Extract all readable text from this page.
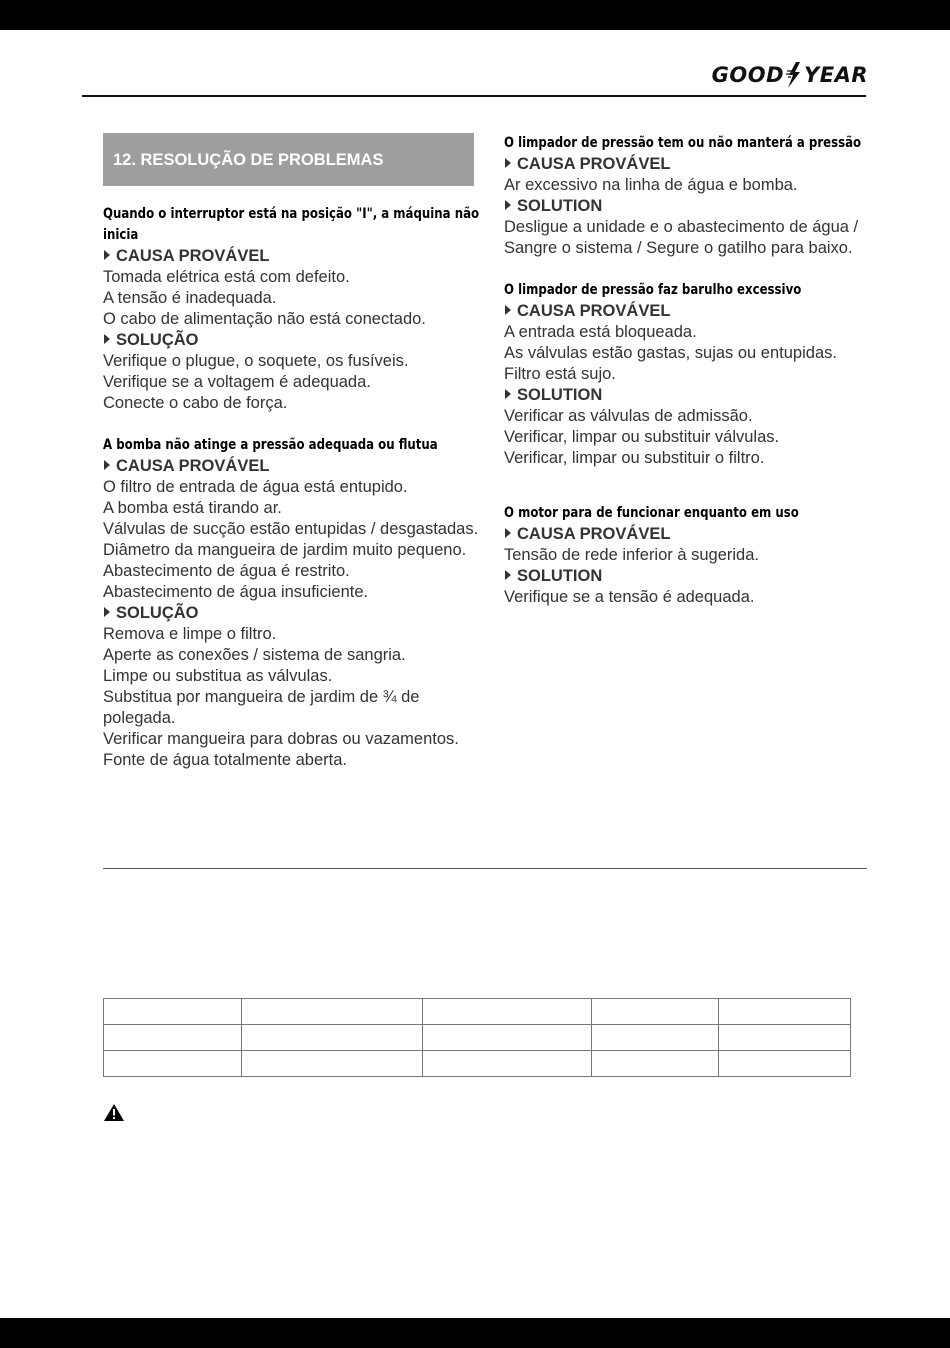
GOOD YEAR
12. RESOLUÇÃO DE PROBLEMAS

Quando o interruptor está na posição "I", a máquina não inicia

CAUSA PROVÁVEL
Tomada elétrica está com defeito.
A tensão é inadequada.
O cabo de alimentação não está conectado.
SOLUÇÃO
Verifique o plugue, o soquete, os fusíveis.
Verifique se a voltagem é adequada.
Conecte o cabo de força.

A bomba não atinge a pressão adequada ou flutua

CAUSA PROVÁVEL
O filtro de entrada de água está entupido.
A bomba está tirando ar.
Válvulas de sucção estão entupidas / desgastadas.
Diâmetro da mangueira de jardim muito pequeno.
Abastecimento de água é restrito.
Abastecimento de água insuficiente.
SOLUÇÃO
Remova e limpe o filtro.
Aperte as conexões / sistema de sangria.
Limpe ou substitua as válvulas.
Substitua por mangueira de jardim de ¾ de polegada.
Verificar mangueira para dobras ou vazamentos.
Fonte de água totalmente aberta.

O limpador de pressão tem ou não manterá a pressão

CAUSA PROVÁVEL
Ar excessivo na linha de água e bomba.
SOLUTION
Desligue a unidade e o abastecimento de água / Sangre o sistema / Segure o gatilho para baixo.

O limpador de pressão faz barulho excessivo

CAUSA PROVÁVEL
A entrada está bloqueada.
As válvulas estão gastas, sujas ou entupidas.
Filtro está sujo.
SOLUTION
Verificar as válvulas de admissão.
Verificar, limpar ou substituir válvulas.
Verificar, limpar ou substituir o filtro.

O motor para de funcionar enquanto em uso

CAUSA PROVÁVEL
Tensão de rede inferior à sugerida.
SOLUTION
Verifique se a tensão é adequada.
